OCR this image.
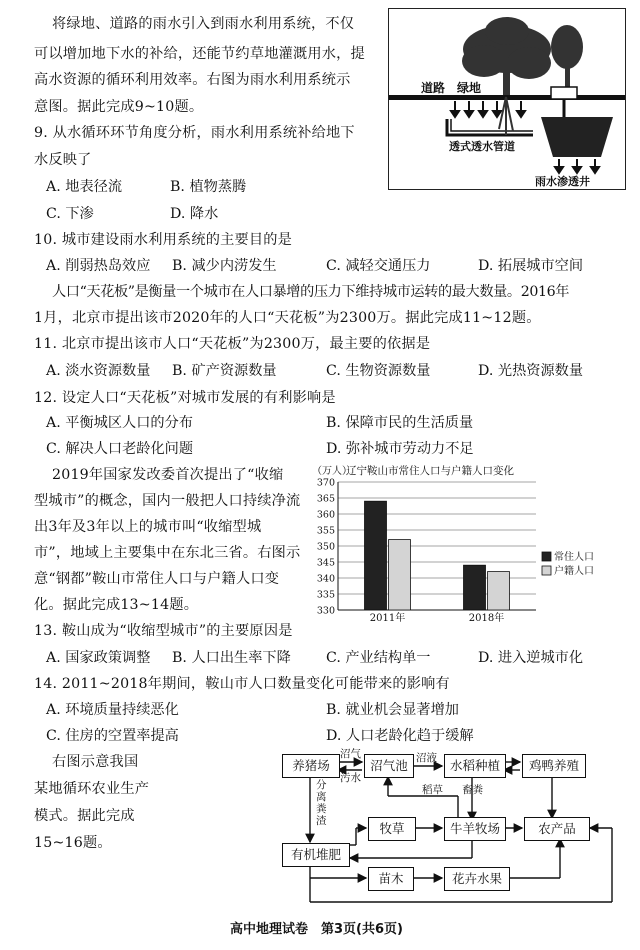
将绿地、道路的雨水引入到雨水利用系统，不仅
可以增加地下水的补给，还能节约草地灌溉用水，提
高水资源的循环利用效率。右图为雨水利用系统示
意图。据此完成9~10题。
道路 绿地
透式透水管道
雨水渗透井
9. 从水循环环节角度分析，雨水利用系统补给地下
水反映了
A. 地表径流	B. 植物蒸腾
C. 下渗	D. 降水
10. 城市建设雨水利用系统的主要目的是
A. 削弱热岛效应 B. 减少内涝发生	C. 减轻交通压力	D. 拓展城市空间
人口“天花板”是衡量一个城市在人口暴增的压力下维持城市运转的最大数量。2016年
1月，北京市提出该市2020年的人口“天花板”为2300万。据此完成11~12题。
11. 北京市提出该市人口“天花板”为2300万，最主要的依据是
A. 淡水资源数量 B. 矿产资源数量	C. 生物资源数量	D. 光热资源数量
12. 设定人口“天花板”对城市发展的有利影响是
A. 平衡城区人口的分布	B. 保障市民的生活质量
C. 解决人口老龄化问题	D. 弥补城市劳动力不足
2019年国家发改委首次提出了“收缩
型城市”的概念，国内一般把人口持续净流
出3年及3年以上的城市叫“收缩型城
市”，地域上主要集中在东北三省。右图示
意“钢都”鞍山市常住人口与户籍人口变
化。据此完成13~14题。
（万人）
辽宁鞍山市常住人口与户籍人口变化
330
335
340
345
350
355
360
365
370
2011年	2018年
常住人口
户籍人口
13. 鞍山成为“收缩型城市”的主要原因是
A. 国家政策调整 B. 人口出生率下降 C. 产业结构单一	D. 进入逆城市化
14. 2011~2018年期间，鞍山市人口数量变化可能带来的影响有
A. 环境质量持续恶化	B. 就业机会显著增加
C. 住房的空置率提高	D. 人口老龄化趋于缓解
右图示意我国
某地循环农业生产
模式。据此完成
15~16题。
养猪场	沼气池	水稻种植	鸡鸭养殖
牧草	牛羊牧场	农产品
有机堆肥
苗木	花卉水果
沼气
污水
沼液
稻草 畜粪
分
离
粪
渣
高中地理试卷　第3页(共6页)
